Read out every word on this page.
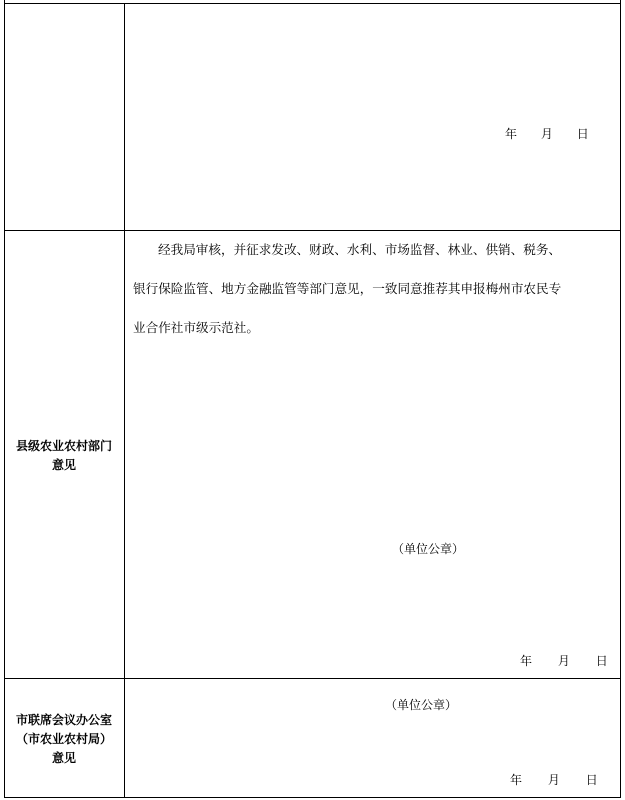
年 月 日
县级农业农村部门
意见
经我局审核，并征求发改、财政、水利、市场监督、林业、供销、税务、
银行保险监管、地方金融监管等部门意见，一致同意推荐其申报梅州市农民专
业合作社市级示范社。
（单位公章）
年 月 日
市联席会议办公室
（市农业农村局）
意见
（单位公章）
年 月 日
